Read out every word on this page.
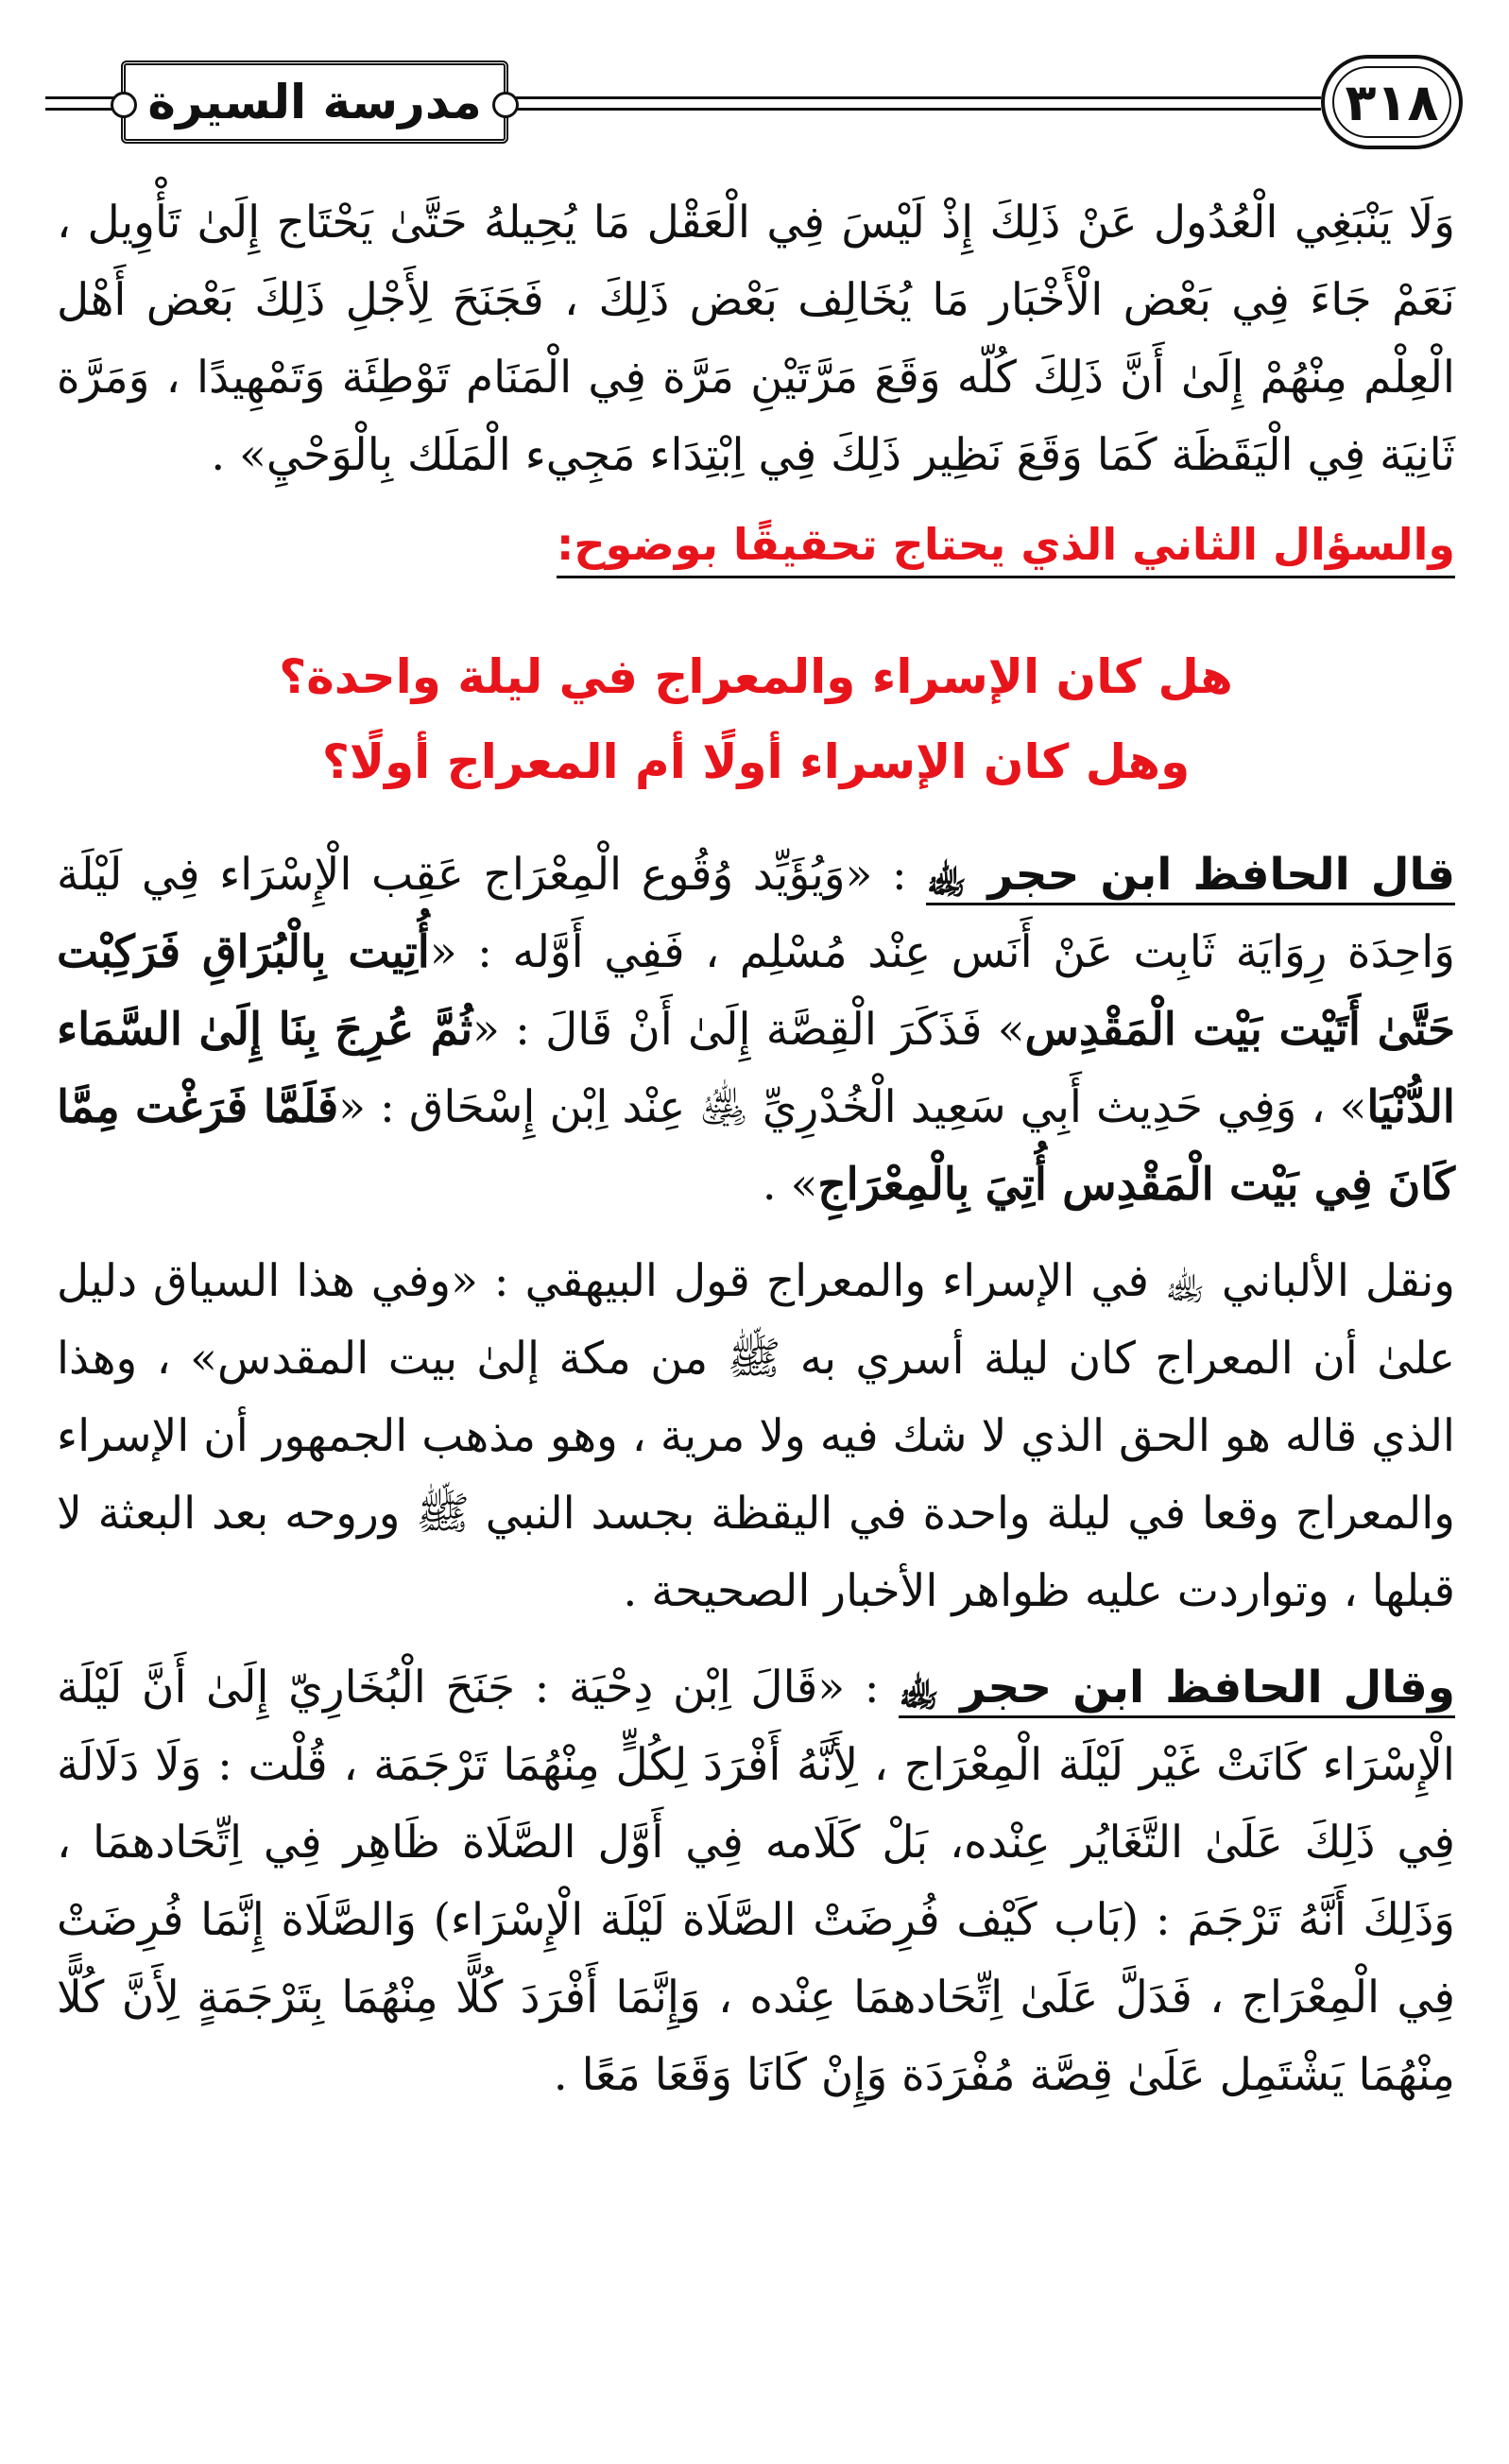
مدرسة السيرة	٣١٨

وَلَا يَنْبَغِي الْعُدُول عَنْ ذَلِكَ إِذْ لَيْسَ فِي الْعَقْل مَا يُحِيلهُ حَتَّىٰ يَحْتَاج إِلَىٰ تَأْوِيل ، نَعَمْ جَاءَ فِي بَعْض الْأَخْبَار مَا يُخَالِف بَعْض ذَلِكَ ، فَجَنَحَ لِأَجْلِ ذَلِكَ بَعْض أَهْل الْعِلْم مِنْهُمْ إِلَىٰ أَنَّ ذَلِكَ كُلّه وَقَعَ مَرَّتَيْنِ مَرَّة فِي الْمَنَام تَوْطِئَة وَتَمْهِيدًا ، وَمَرَّة ثَانِيَة فِي الْيَقَظَة كَمَا وَقَعَ نَظِير ذَلِكَ فِي اِبْتِدَاء مَجِيء الْمَلَك بِالْوَحْيِ» .

والسؤال الثاني الذي يحتاج تحقيقًا بوضوح:
هل كان الإسراء والمعراج في ليلة واحدة؟
وهل كان الإسراء أولًا أم المعراج أولًا؟

قال الحافظ ابن حجر ﵀ : «وَيُؤَيِّد وُقُوع الْمِعْرَاج عَقِب الْإِسْرَاء فِي لَيْلَة وَاحِدَة رِوَايَة ثَابِت عَنْ أَنَس عِنْد مُسْلِم ، فَفِي أَوَّله : «أُتِيت بِالْبُرَاقِ فَرَكِبْت حَتَّىٰ أَتَيْت بَيْت الْمَقْدِس» فَذَكَرَ الْقِصَّة إِلَىٰ أَنْ قَالَ : «ثُمَّ عُرِجَ بِنَا إِلَىٰ السَّمَاء الدُّنْيَا» ، وَفِي حَدِيث أَبِي سَعِيد الْخُدْرِيِّ ﵁ عِنْد اِبْن إِسْحَاق : «فَلَمَّا فَرَغْت مِمَّا كَانَ فِي بَيْت الْمَقْدِس أُتِيَ بِالْمِعْرَاجِ» .

ونقل الألباني ﵀ في الإسراء والمعراج قول البيهقي : «وفي هذا السياق دليل علىٰ أن المعراج كان ليلة أسري به ﷺ من مكة إلىٰ بيت المقدس» ، وهذا الذي قاله هو الحق الذي لا شك فيه ولا مرية ، وهو مذهب الجمهور أن الإسراء والمعراج وقعا في ليلة واحدة في اليقظة بجسد النبي ﷺ وروحه بعد البعثة لا قبلها ، وتواردت عليه ظواهر الأخبار الصحيحة .

وقال الحافظ ابن حجر ﵀ : «قَالَ اِبْن دِحْيَة : جَنَحَ الْبُخَارِيّ إِلَىٰ أَنَّ لَيْلَة الْإِسْرَاء كَانَتْ غَيْر لَيْلَة الْمِعْرَاج ، لِأَنَّهُ أَفْرَدَ لِكُلٍّ مِنْهُمَا تَرْجَمَة ، قُلْت : وَلَا دَلَالَة فِي ذَلِكَ عَلَىٰ التَّغَايُر عِنْده، بَلْ كَلَامه فِي أَوَّل الصَّلَاة ظَاهِر فِي اِتِّحَادهمَا ، وَذَلِكَ أَنَّهُ تَرْجَمَ : (بَاب كَيْف فُرِضَتْ الصَّلَاة لَيْلَة الْإِسْرَاء) وَالصَّلَاة إِنَّمَا فُرِضَتْ فِي الْمِعْرَاج ، فَدَلَّ عَلَىٰ اِتِّحَادهمَا عِنْده ، وَإِنَّمَا أَفْرَدَ كُلًّا مِنْهُمَا بِتَرْجَمَةٍ لِأَنَّ كُلًّا مِنْهُمَا يَشْتَمِل عَلَىٰ قِصَّة مُفْرَدَة وَإِنْ كَانَا وَقَعَا مَعًا .
